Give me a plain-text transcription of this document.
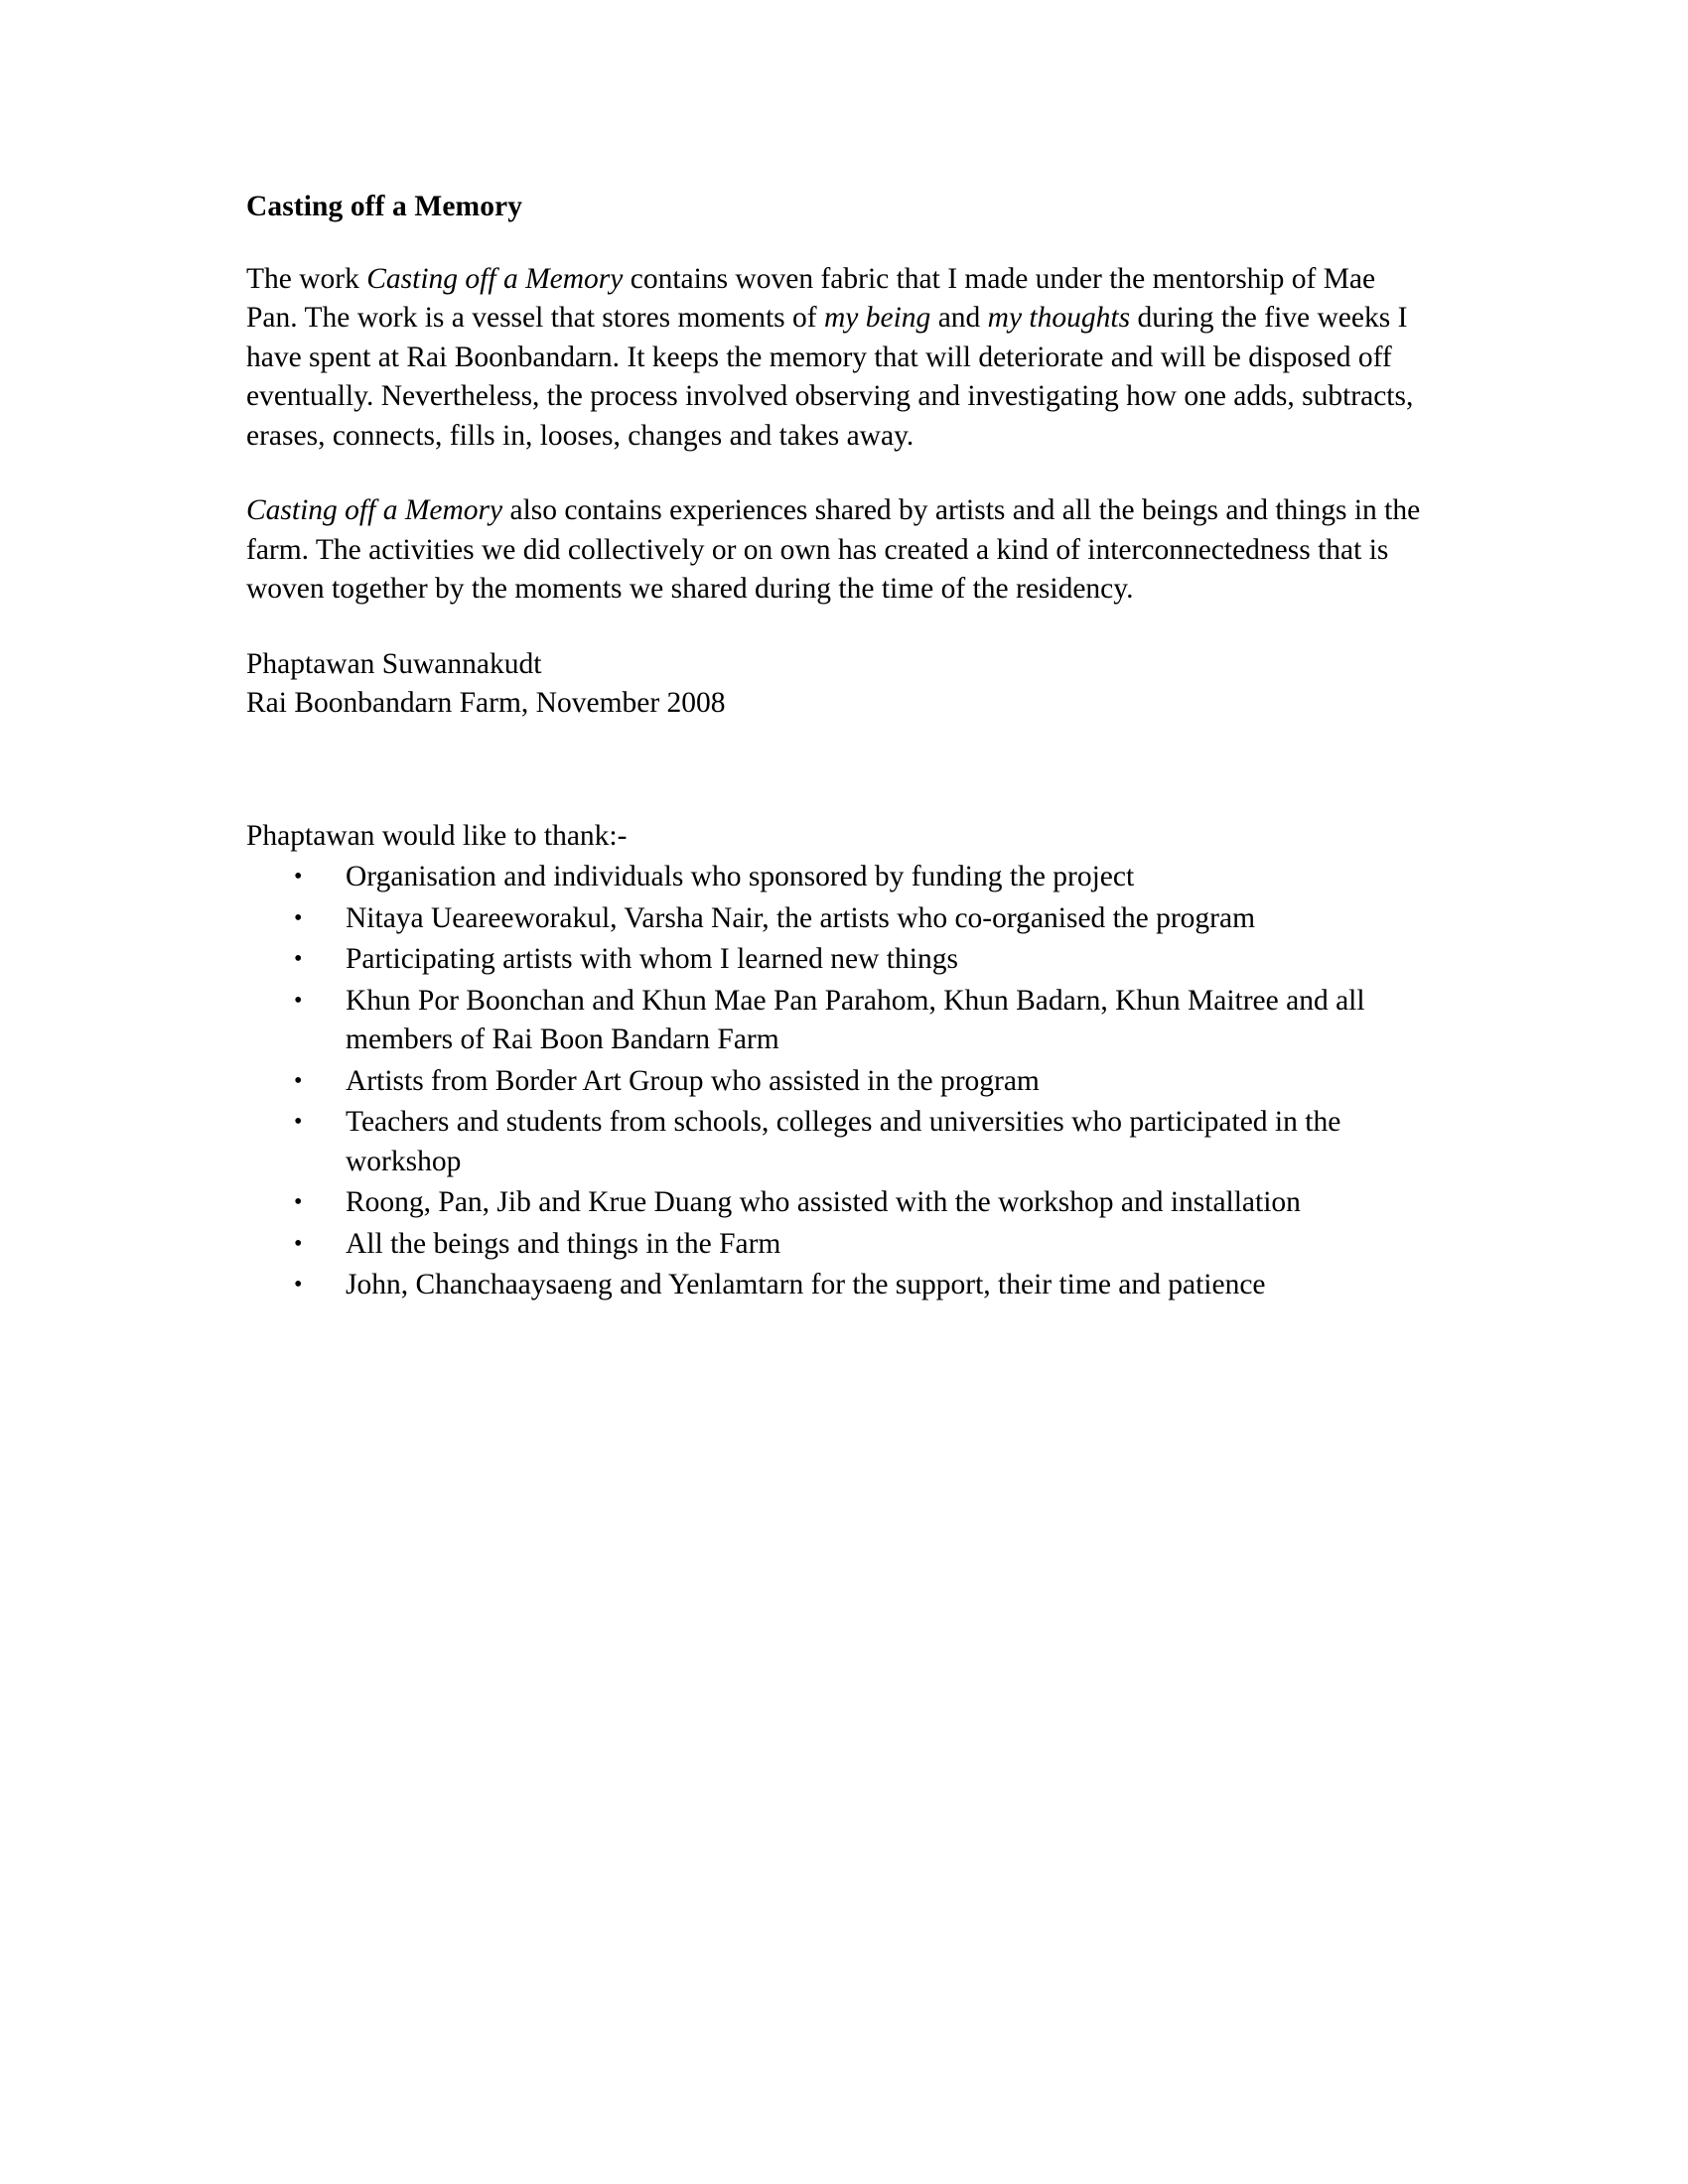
Casting off a Memory

The work Casting off a Memory contains woven fabric that I made under the mentorship of Mae Pan. The work is a vessel that stores moments of my being and my thoughts during the five weeks I have spent at Rai Boonbandarn. It keeps the memory that will deteriorate and will be disposed off eventually. Nevertheless, the process involved observing and investigating how one adds, subtracts, erases, connects, fills in, looses, changes and takes away.

Casting off a Memory also contains experiences shared by artists and all the beings and things in the farm. The activities we did collectively or on own has created a kind of interconnectedness that is woven together by the moments we shared during the time of the residency.

Phaptawan Suwannakudt
Rai Boonbandarn Farm, November 2008

Phaptawan would like to thank:-

• Organisation and individuals who sponsored by funding the project
• Nitaya Ueareeworakul, Varsha Nair, the artists who co-organised the program
• Participating artists with whom I learned new things
• Khun Por Boonchan and Khun Mae Pan Parahom, Khun Badarn, Khun Maitree and all members of Rai Boon Bandarn Farm
• Artists from Border Art Group who assisted in the program
• Teachers and students from schools, colleges and universities who participated in the workshop
• Roong, Pan, Jib and Krue Duang who assisted with the workshop and installation
• All the beings and things in the Farm
• John, Chanchaaysaeng and Yenlamtarn for the support, their time and patience
